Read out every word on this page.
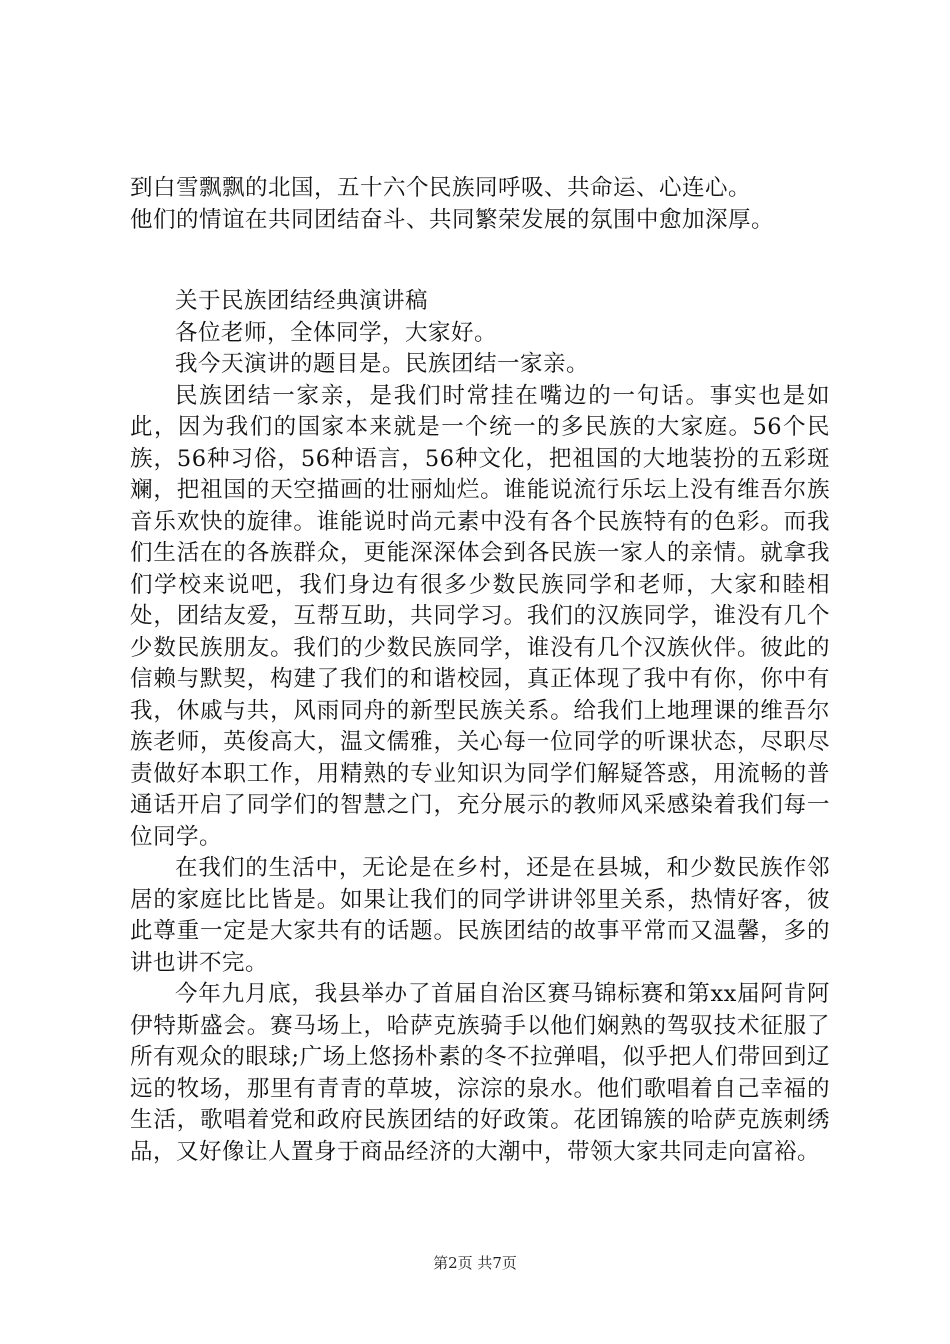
到白雪飘飘的北国，五十六个民族同呼吸、共命运、心连心。

他们的情谊在共同团结奋斗、共同繁荣发展的氛围中愈加深厚。

关于民族团结经典演讲稿

各位老师，全体同学，大家好。

我今天演讲的题目是。民族团结一家亲。

民族团结一家亲，是我们时常挂在嘴边的一句话。事实也是如此，因为我们的国家本来就是一个统一的多民族的大家庭。56个民族，56种习俗，56种语言，56种文化，把祖国的大地装扮的五彩斑斓，把祖国的天空描画的壮丽灿烂。谁能说流行乐坛上没有维吾尔族音乐欢快的旋律。谁能说时尚元素中没有各个民族特有的色彩。而我们生活在的各族群众，更能深深体会到各民族一家人的亲情。就拿我们学校来说吧，我们身边有很多少数民族同学和老师，大家和睦相处，团结友爱，互帮互助，共同学习。我们的汉族同学，谁没有几个少数民族朋友。我们的少数民族同学，谁没有几个汉族伙伴。彼此的信赖与默契，构建了我们的和谐校园，真正体现了我中有你，你中有我，休戚与共，风雨同舟的新型民族关系。给我们上地理课的维吾尔族老师，英俊高大，温文儒雅，关心每一位同学的听课状态，尽职尽责做好本职工作，用精熟的专业知识为同学们解疑答惑，用流畅的普通话开启了同学们的智慧之门，充分展示的教师风采感染着我们每一位同学。

在我们的生活中，无论是在乡村，还是在县城，和少数民族作邻居的家庭比比皆是。如果让我们的同学讲讲邻里关系，热情好客，彼此尊重一定是大家共有的话题。民族团结的故事平常而又温馨，多的讲也讲不完。

今年九月底，我县举办了首届自治区赛马锦标赛和第xx届阿肯阿伊特斯盛会。赛马场上，哈萨克族骑手以他们娴熟的驾驭技术征服了所有观众的眼球;广场上悠扬朴素的冬不拉弹唱，似乎把人们带回到辽远的牧场，那里有青青的草坡，淙淙的泉水。他们歌唱着自己幸福的生活，歌唱着党和政府民族团结的好政策。花团锦簇的哈萨克族刺绣品，又好像让人置身于商品经济的大潮中，带领大家共同走向富裕。

第2页 共7页
